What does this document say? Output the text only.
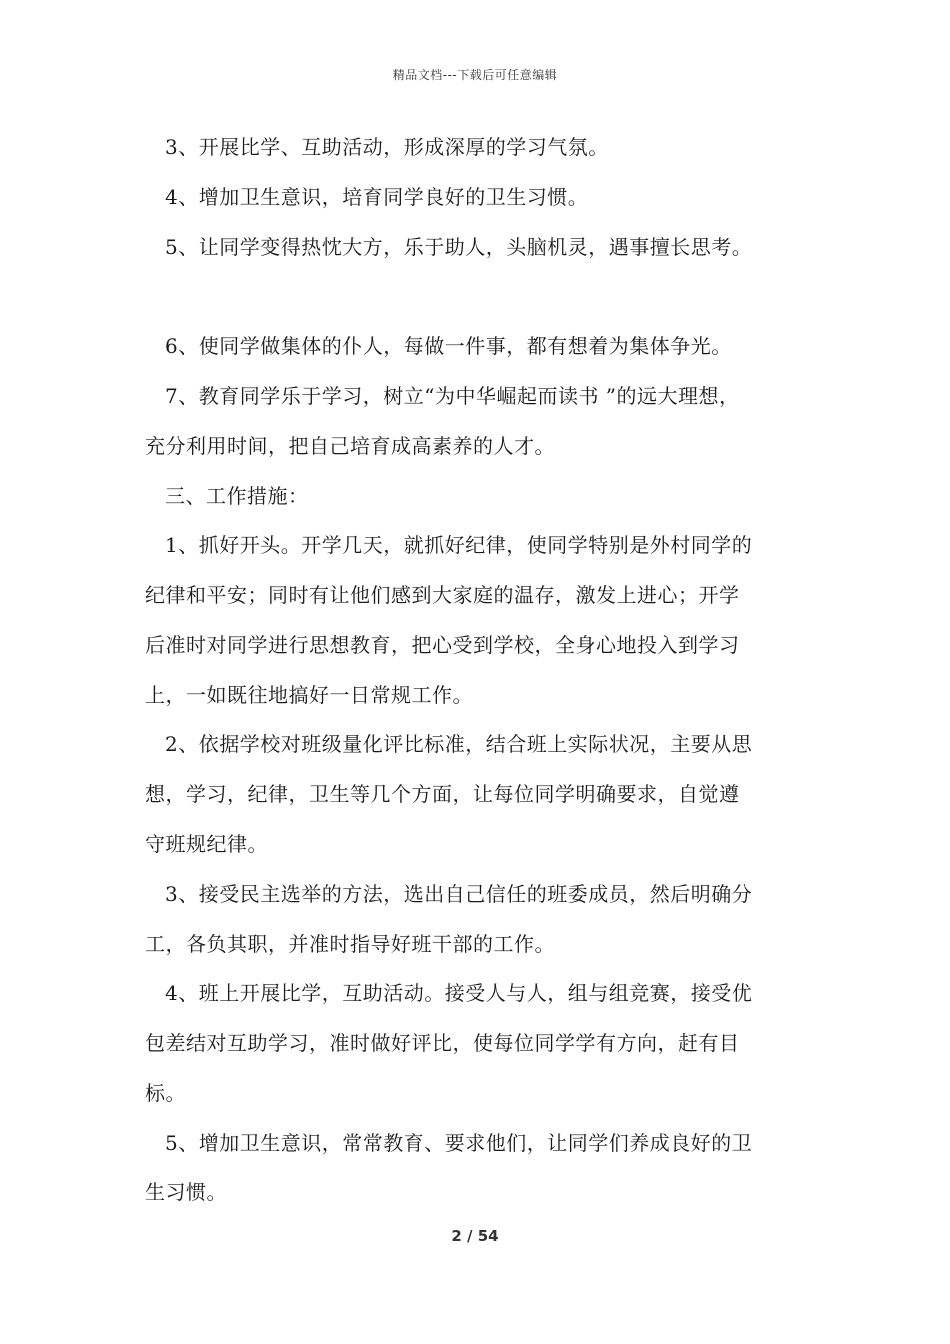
精品文档---下载后可任意编辑
3、开展比学、互助活动，形成深厚的学习气氛。
4、增加卫生意识，培育同学良好的卫生习惯。
5、让同学变得热忱大方，乐于助人，头脑机灵，遇事擅长思考。
6、使同学做集体的仆人，每做一件事，都有想着为集体争光。
7、教育同学乐于学习，树立“为中华崛起而读书 ”的远大理想，
充分利用时间，把自己培育成高素养的人才。
三、工作措施：
1、抓好开头。开学几天，就抓好纪律，使同学特别是外村同学的
纪律和平安；同时有让他们感到大家庭的温存，激发上进心；开学
后准时对同学进行思想教育，把心受到学校，全身心地投入到学习
上，一如既往地搞好一日常规工作。
2、依据学校对班级量化评比标准，结合班上实际状况，主要从思
想，学习，纪律，卫生等几个方面，让每位同学明确要求，自觉遵
守班规纪律。
3、接受民主选举的方法，选出自己信任的班委成员，然后明确分
工，各负其职，并准时指导好班干部的工作。
4、班上开展比学，互助活动。接受人与人，组与组竞赛，接受优
包差结对互助学习，准时做好评比，使每位同学学有方向，赶有目
标。
5、增加卫生意识，常常教育、要求他们，让同学们养成良好的卫
生习惯。
2 / 54
